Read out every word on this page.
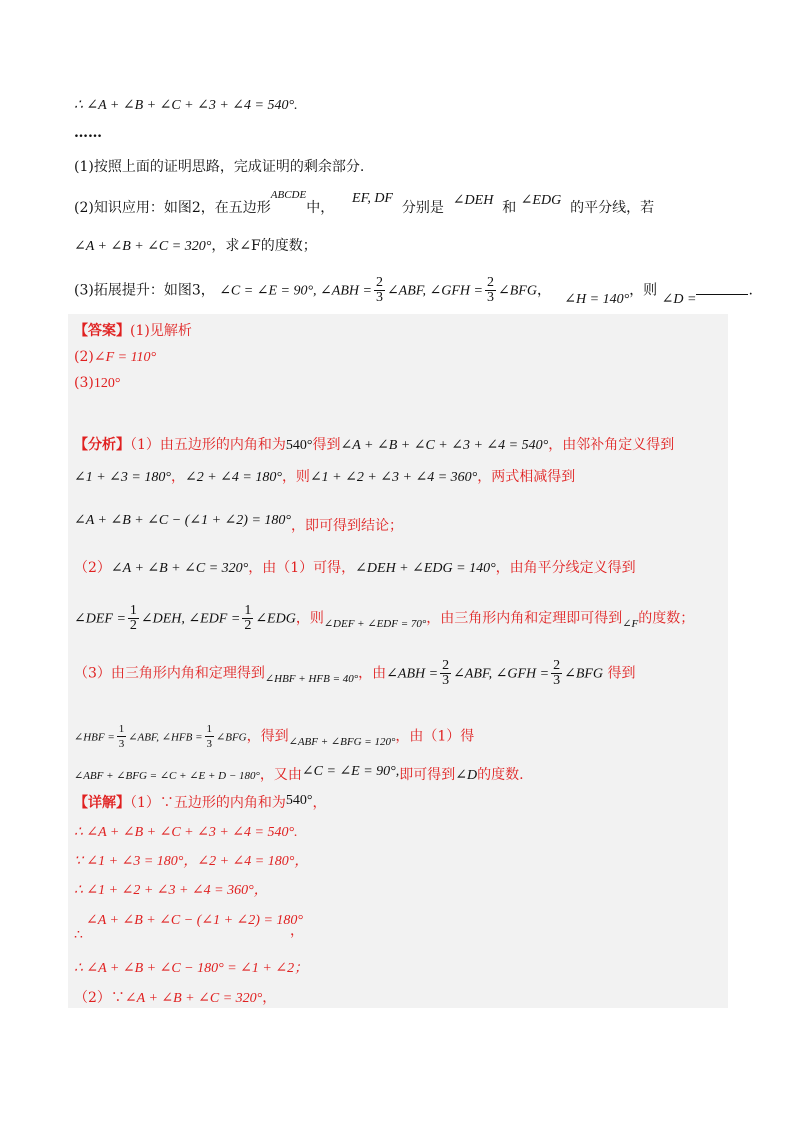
∴ ∠A + ∠B + ∠C + ∠3 + ∠4 = 540°.
……
(1)按照上面的证明思路，完成证明的剩余部分.
(2)知识应用：如图2，在五边形$^{ABCDE}$中，    EF, DF  分别是 ∠DEH 和 ∠EDG 的平分线，若
∠A + ∠B + ∠C = 320°，求∠F的度数；
(3)拓展提升：如图3， ∠C = ∠E = 90°, ∠ABH = $\frac{2}{3}$ ∠ABF, ∠GFH = $\frac{2}{3}$ ∠BFG，   ∠H = 140°，则 ∠D =.
【答案】(1)见解析
(2)∠F = 110°
(3)120°
【分析】（1）由五边形的内角和为540°得到∠A + ∠B + ∠C + ∠3 + ∠4 = 540°，由邻补角定义得到
∠1 + ∠3 = 180°，∠2 + ∠4 = 180°，则∠1 + ∠2 + ∠3 + ∠4 = 360°，两式相减得到
∠A + ∠B + ∠C − (∠1 + ∠2) = 180°，即可得到结论；
（2）∠A + ∠B + ∠C = 320°，由（1）可得，∠DEH + ∠EDG = 140°，由角平分线定义得到
∠DEF = $\frac{1}{2}$ ∠DEH, ∠EDF = $\frac{1}{2}$ ∠EDG，则$_{\angle DEF + \angle EDF = 70^\circ}$，由三角形内角和定理即可得到$_{\angle F}$的度数；
（3）由三角形内角和定理得到$_{\angle HBF + HFB = 40^\circ}$，由∠ABH = $\frac{2}{3}$ ∠ABF, ∠GFH = $\frac{2}{3}$ ∠BFG 得到
∠HBF = $\frac{1}{3}$ ∠ABF, ∠HFB = $\frac{1}{3}$ ∠BFG，得到$_{\angle ABF + \angle BFG = 120^\circ}$，由（1）得
∠ABF + ∠BFG = ∠C + ∠E + D − 180°，又由∠C = ∠E = 90°,即可得到∠D的度数.
【详解】（1）∵五边形的内角和为540°，
∴ ∠A + ∠B + ∠C + ∠3 + ∠4 = 540°.
∵ ∠1 + ∠3 = 180°，∠2 + ∠4 = 180°，
∴ ∠1 + ∠2 + ∠3 + ∠4 = 360°，
∴
∠A + ∠B + ∠C − (∠1 + ∠2) = 180°
，
∴ ∠A + ∠B + ∠C − 180° = ∠1 + ∠2；
（2）∵∠A + ∠B + ∠C = 320°，
